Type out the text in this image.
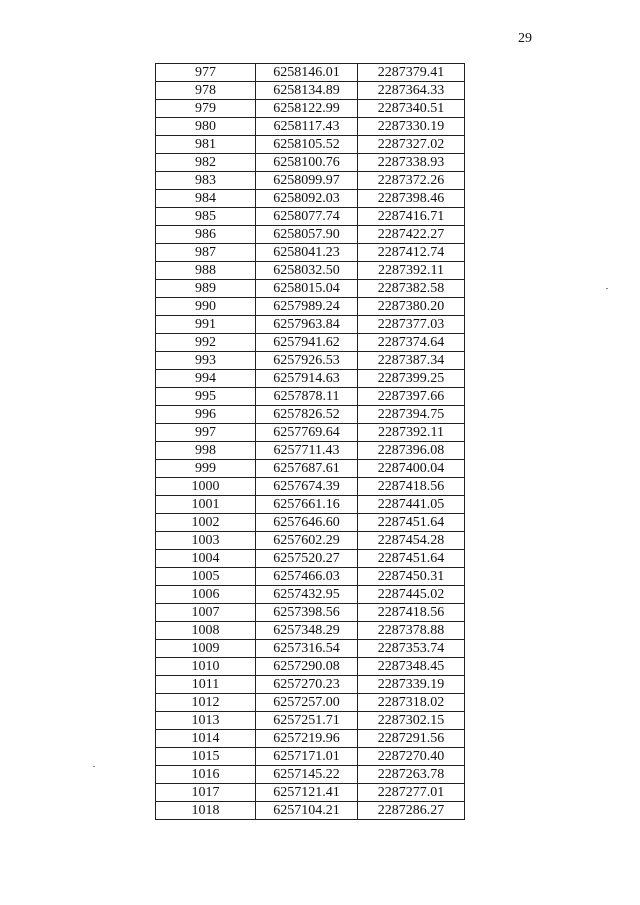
29
977	6258146.01	2287379.41
978	6258134.89	2287364.33
979	6258122.99	2287340.51
980	6258117.43	2287330.19
981	6258105.52	2287327.02
982	6258100.76	2287338.93
983	6258099.97	2287372.26
984	6258092.03	2287398.46
985	6258077.74	2287416.71
986	6258057.90	2287422.27
987	6258041.23	2287412.74
988	6258032.50	2287392.11
989	6258015.04	2287382.58
990	6257989.24	2287380.20
991	6257963.84	2287377.03
992	6257941.62	2287374.64
993	6257926.53	2287387.34
994	6257914.63	2287399.25
995	6257878.11	2287397.66
996	6257826.52	2287394.75
997	6257769.64	2287392.11
998	6257711.43	2287396.08
999	6257687.61	2287400.04
1000	6257674.39	2287418.56
1001	6257661.16	2287441.05
1002	6257646.60	2287451.64
1003	6257602.29	2287454.28
1004	6257520.27	2287451.64
1005	6257466.03	2287450.31
1006	6257432.95	2287445.02
1007	6257398.56	2287418.56
1008	6257348.29	2287378.88
1009	6257316.54	2287353.74
1010	6257290.08	2287348.45
1011	6257270.23	2287339.19
1012	6257257.00	2287318.02
1013	6257251.71	2287302.15
1014	6257219.96	2287291.56
1015	6257171.01	2287270.40
1016	6257145.22	2287263.78
1017	6257121.41	2287277.01
1018	6257104.21	2287286.27
